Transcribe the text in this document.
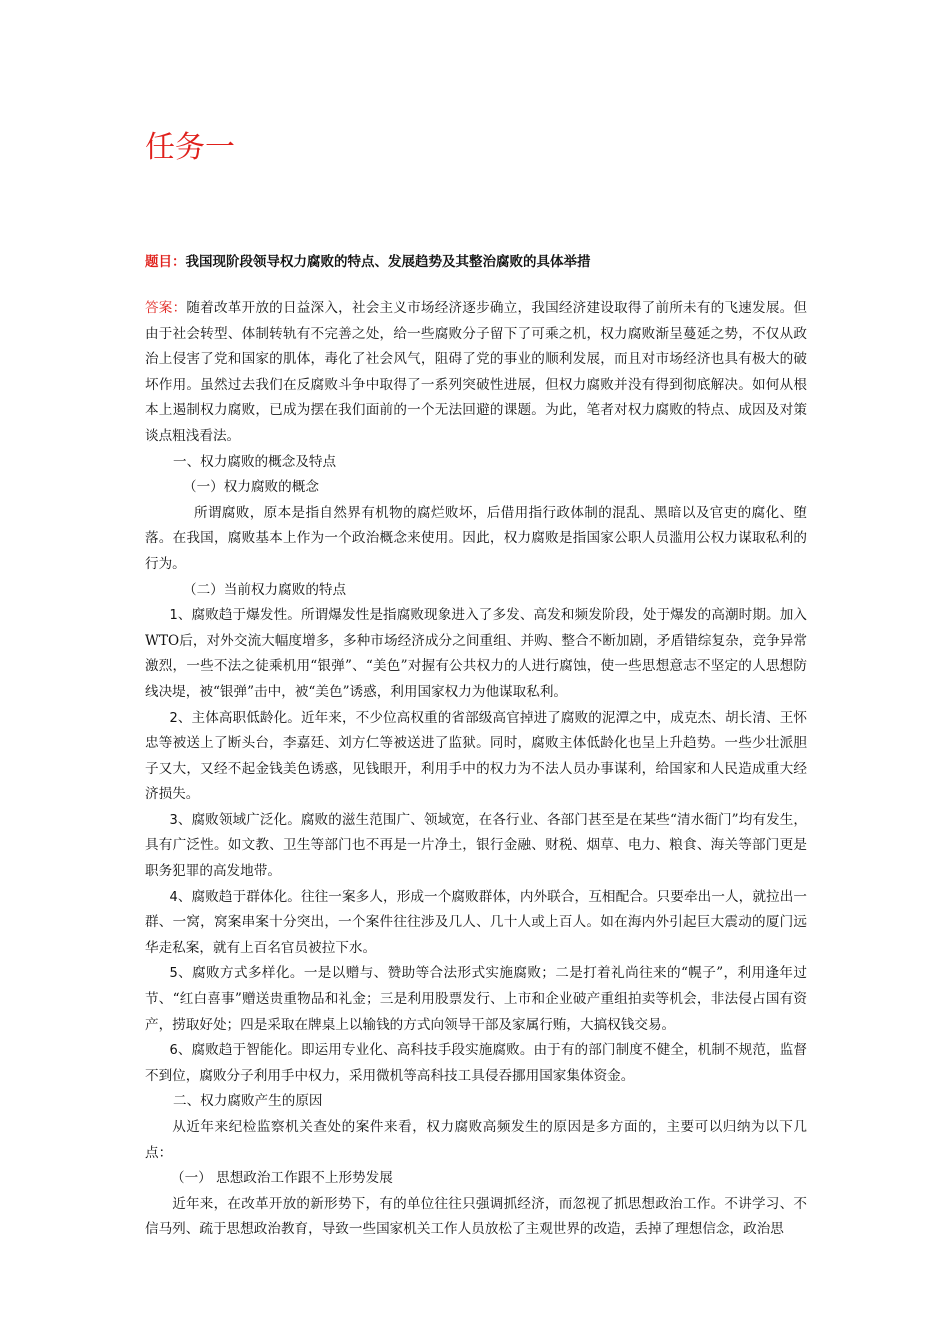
任务一

题目：我国现阶段领导权力腐败的特点、发展趋势及其整治腐败的具体举措

答案：随着改革开放的日益深入，社会主义市场经济逐步确立，我国经济建设取得了前所未有的飞速发展。但由于社会转型、体制转轨有不完善之处，给一些腐败分子留下了可乘之机，权力腐败渐呈蔓延之势，不仅从政治上侵害了党和国家的肌体，毒化了社会风气，阻碍了党的事业的顺利发展，而且对市场经济也具有极大的破坏作用。虽然过去我们在反腐败斗争中取得了一系列突破性进展，但权力腐败并没有得到彻底解决。如何从根本上遏制权力腐败，已成为摆在我们面前的一个无法回避的课题。为此，笔者对权力腐败的特点、成因及对策谈点粗浅看法。

一、权力腐败的概念及特点

（一）权力腐败的概念

所谓腐败，原本是指自然界有机物的腐烂败坏，后借用指行政体制的混乱、黑暗以及官吏的腐化、堕落。在我国，腐败基本上作为一个政治概念来使用。因此，权力腐败是指国家公职人员滥用公权力谋取私利的行为。

（二）当前权力腐败的特点

1、腐败趋于爆发性。所谓爆发性是指腐败现象进入了多发、高发和频发阶段，处于爆发的高潮时期。加入WTO后，对外交流大幅度增多，多种市场经济成分之间重组、并购、整合不断加剧，矛盾错综复杂，竞争异常激烈，一些不法之徒乘机用“银弹”、“美色”对握有公共权力的人进行腐蚀，使一些思想意志不坚定的人思想防线决堤，被“银弹”击中，被“美色”诱惑，利用国家权力为他谋取私利。

2、主体高职低龄化。近年来，不少位高权重的省部级高官掉进了腐败的泥潭之中，成克杰、胡长清、王怀忠等被送上了断头台，李嘉廷、刘方仁等被送进了监狱。同时，腐败主体低龄化也呈上升趋势。一些少壮派胆子又大，又经不起金钱美色诱惑，见钱眼开，利用手中的权力为不法人员办事谋利，给国家和人民造成重大经济损失。

3、腐败领域广泛化。腐败的滋生范围广、领域宽，在各行业、各部门甚至是在某些“清水衙门”均有发生，具有广泛性。如文教、卫生等部门也不再是一片净土，银行金融、财税、烟草、电力、粮食、海关等部门更是职务犯罪的高发地带。

4、腐败趋于群体化。往往一案多人，形成一个腐败群体，内外联合，互相配合。只要牵出一人，就拉出一群、一窝，窝案串案十分突出，一个案件往往涉及几人、几十人或上百人。如在海内外引起巨大震动的厦门远华走私案，就有上百名官员被拉下水。

5、腐败方式多样化。一是以赠与、赞助等合法形式实施腐败；二是打着礼尚往来的“幌子”，利用逢年过节、“红白喜事”赠送贵重物品和礼金；三是利用股票发行、上市和企业破产重组拍卖等机会，非法侵占国有资产，捞取好处；四是采取在牌桌上以输钱的方式向领导干部及家属行贿，大搞权钱交易。

6、腐败趋于智能化。即运用专业化、高科技手段实施腐败。由于有的部门制度不健全，机制不规范，监督不到位，腐败分子利用手中权力，采用微机等高科技工具侵吞挪用国家集体资金。

二、权力腐败产生的原因

从近年来纪检监察机关查处的案件来看，权力腐败高频发生的原因是多方面的，主要可以归纳为以下几点：

（一） 思想政治工作跟不上形势发展

近年来，在改革开放的新形势下，有的单位往往只强调抓经济，而忽视了抓思想政治工作。不讲学习、不信马列、疏于思想政治教育，导致一些国家机关工作人员放松了主观世界的改造，丢掉了理想信念，政治思
